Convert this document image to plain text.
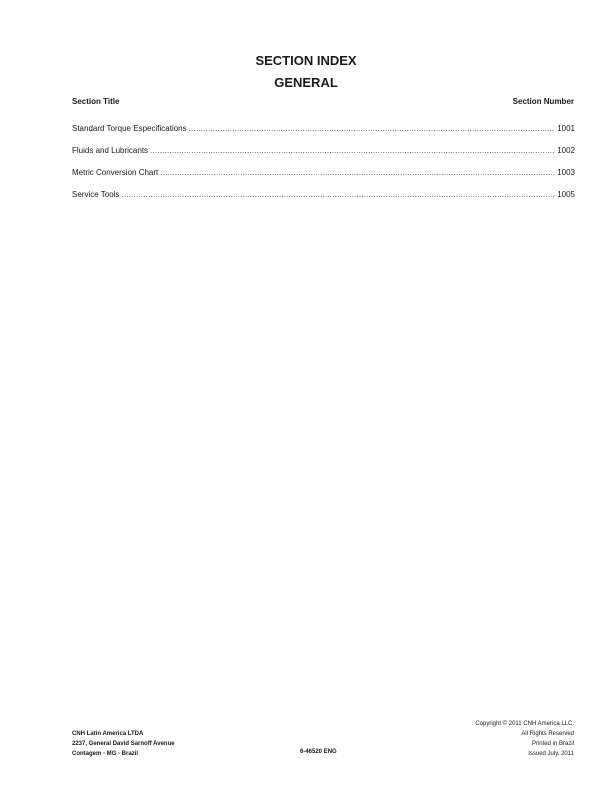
SECTION INDEX
GENERAL
Section Title	Section Number
Standard Torque Especifications .....	1001
Fluids and Lubricants .....	1002
Metric Conversion Chart .....	1003
Service Tools .....	1005
CNH Latin America LTDA
2237, General David Sarnoff Avenue
Contagem - MG - Brazil	6-46520 ENG
Copyright © 2011 CNH America LLC.
All Rights Reserved
Printed in Brazil
Issued July, 2011
